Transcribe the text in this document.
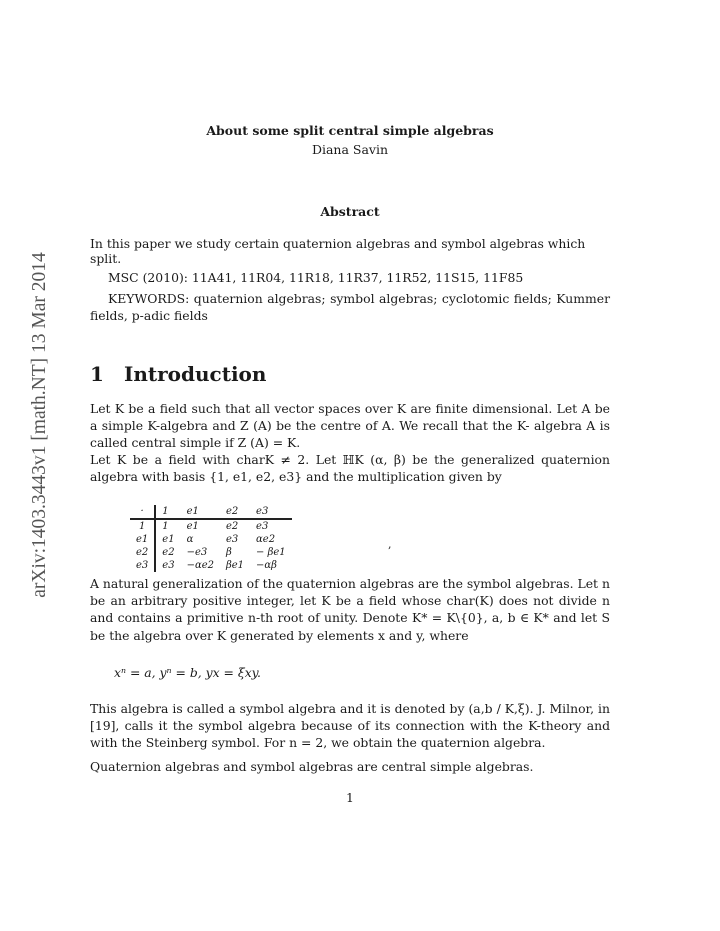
arXiv:1403.3443v1 [math.NT] 13 Mar 2014
About some split central simple algebras
Diana Savin
Abstract
In this paper we study certain quaternion algebras and symbol algebras which split.
MSC (2010): 11A41, 11R04, 11R18, 11R37, 11R52, 11S15, 11F85
KEYWORDS: quaternion algebras; symbol algebras; cyclotomic fields; Kummer fields, p-adic fields
1 Introduction
Let K be a field such that all vector spaces over K are finite dimensional. Let A be a simple K-algebra and Z (A) be the centre of A. We recall that the K- algebra A is called central simple if Z (A) = K.
Let K be a field with charK ≠ 2. Let ℍK (α, β) be the generalized quaternion algebra with basis {1, e1, e2, e3} and the multiplication given by
·	1	e1	e2	e3
1	1	e1	e2	e3
e1	e1	α	e3	αe2
e2	e2	−e3	β	− βe1
e3	e3	−αe2	βe1	−αβ
,
A natural generalization of the quaternion algebras are the symbol algebras. Let n be an arbitrary positive integer, let K be a field whose char(K) does not divide n and contains a primitive n-th root of unity. Denote K* = K\{0}, a, b ∈ K* and let S be the algebra over K generated by elements x and y, where
xⁿ = a, yⁿ = b, yx = ξxy.
This algebra is called a symbol algebra and it is denoted by (a,b / K,ξ). J. Milnor, in [19], calls it the symbol algebra because of its connection with the K-theory and with the Steinberg symbol. For n = 2, we obtain the quaternion algebra.
Quaternion algebras and symbol algebras are central simple algebras.
1
